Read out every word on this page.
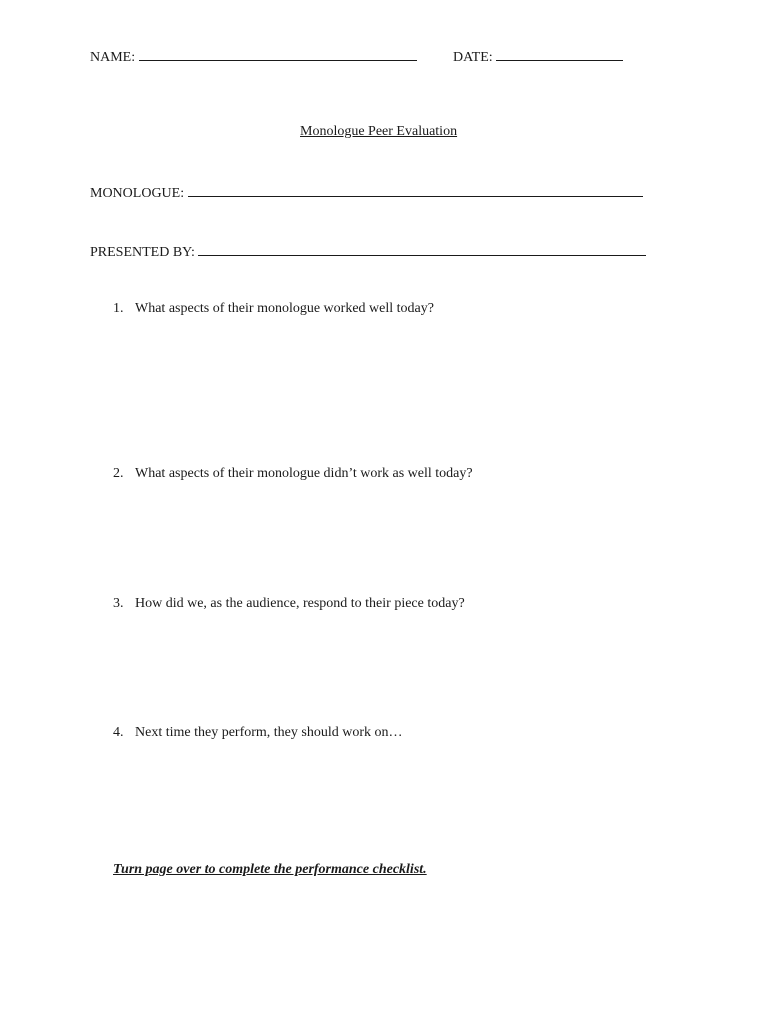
NAME:	DATE:
Monologue Peer Evaluation
MONOLOGUE:
PRESENTED BY:
1. What aspects of their monologue worked well today?
2. What aspects of their monologue didn’t work as well today?
3. How did we, as the audience, respond to their piece today?
4. Next time they perform, they should work on…
Turn page over to complete the performance checklist.
